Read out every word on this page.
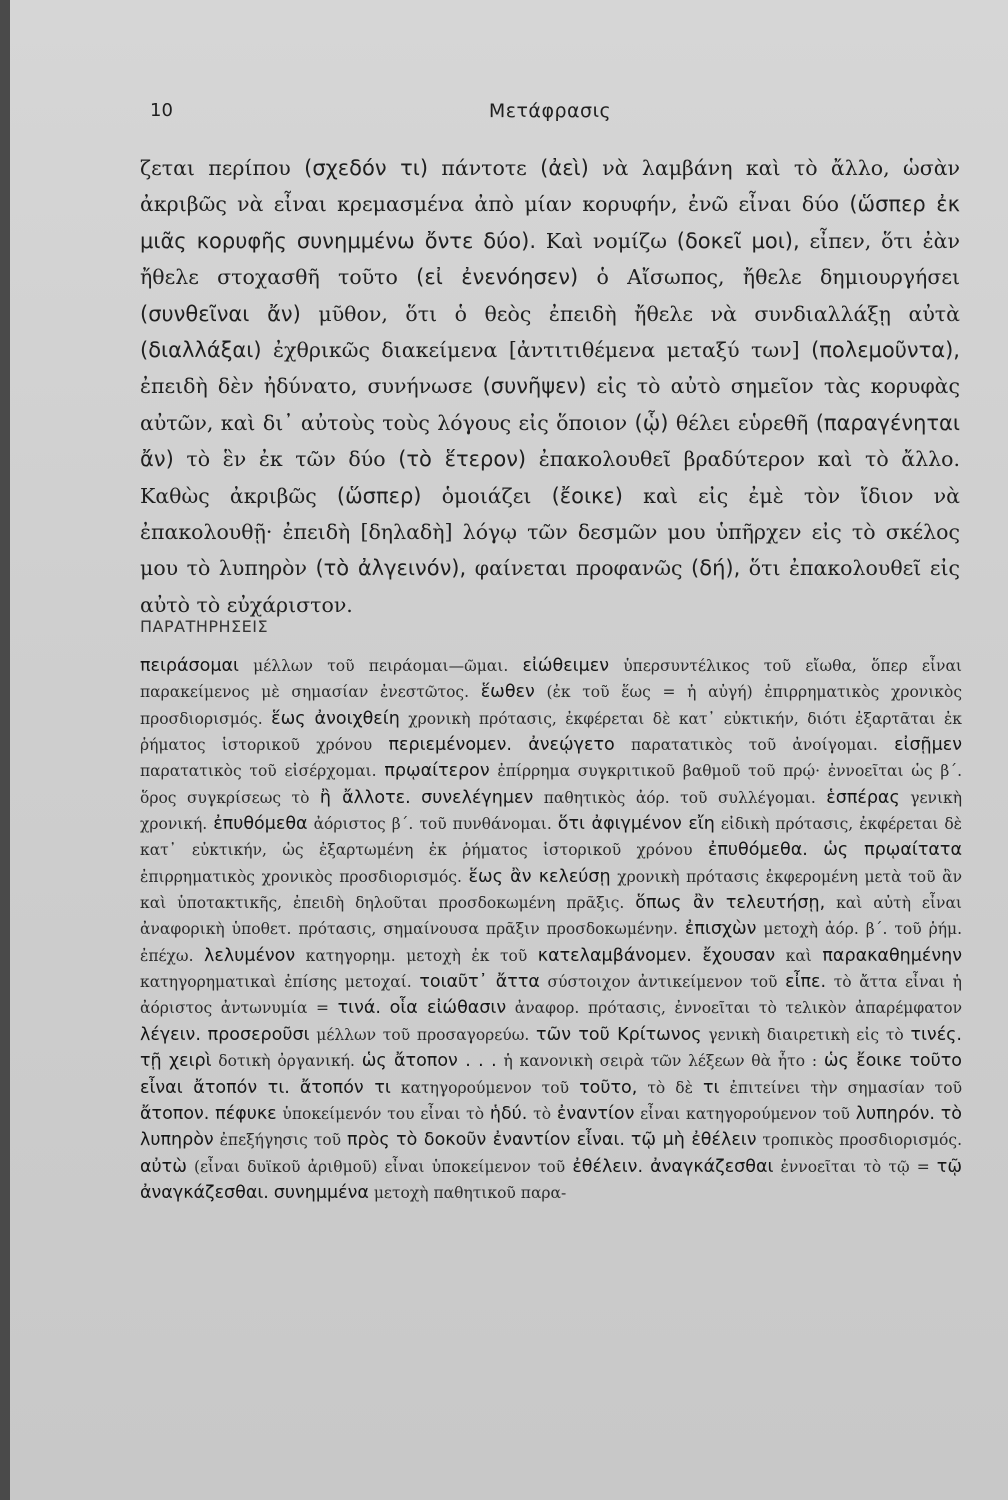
10	Μετάφρασις

ζεται περίπου (σχεδόν τι) πάντοτε (ἀεὶ) νὰ λαμβάνη καὶ τὸ ἄλλο, ὡσὰν ἀκριβῶς νὰ εἶναι κρεμασμένα ἀπὸ μίαν κορυφήν, ἐνῶ εἶναι δύο (ὥσπερ ἐκ μιᾶς κορυφῆς συνημμένω ὄντε δύο). Καὶ νομίζω (δοκεῖ μοι), εἶπεν, ὅτι ἐὰν ἤθελε στοχασθῆ τοῦτο (εἰ ἐνενόησεν) ὁ Αἴσωπος, ἤθελε δημιουργήσει (συνθεῖναι ἄν) μῦθον, ὅτι ὁ θεὸς ἐπειδὴ ἤθελε νὰ συνδιαλλάξῃ αὐτὰ (διαλλάξαι) ἐχθρικῶς διακείμενα [ἀντιτιθέμενα μεταξύ των] (πολεμοῦντα), ἐπειδὴ δὲν ἠδύνατο, συνήνωσε (συνῆψεν) εἰς τὸ αὐτὸ σημεῖον τὰς κορυφὰς αὐτῶν, καὶ δι᾿ αὐτοὺς τοὺς λόγους εἰς ὅποιον (ᾧ) θέλει εὑρεθῆ (παραγένηται ἄν) τὸ ἓν ἐκ τῶν δύο (τὸ ἕτερον) ἐπακολουθεῖ βραδύτερον καὶ τὸ ἄλλο. Καθὼς ἀκριβῶς (ὥσπερ) ὁμοιάζει (ἔοικε) καὶ εἰς ἐμὲ τὸν ἴδιον νὰ ἐπακολουθῇ· ἐπειδὴ [δηλαδὴ] λόγῳ τῶν δεσμῶν μου ὑπῆρχεν εἰς τὸ σκέλος μου τὸ λυπηρὸν (τὸ ἀλγεινόν), φαίνεται προφανῶς (δή), ὅτι ἐπακολουθεῖ εἰς αὐτὸ τὸ εὐχάριστον.

ΠΑΡΑΤΗΡΗΣΕΙΣ

πειράσομαι μέλλων τοῦ πειράομαι—ῶμαι. εἰώθειμεν ὑπερσυντέλικος τοῦ εἴωθα, ὅπερ εἶναι παρακείμενος μὲ σημασίαν ἐνεστῶτος. ἕωθεν (ἐκ τοῦ ἕως = ἡ αὐγή) ἐπιρρηματικὸς χρονικὸς προσδιορισμός. ἕως ἀνοιχθείη χρονικὴ πρότασις, ἐκφέρεται δὲ κατ᾿ εὐκτικήν, διότι ἐξαρτᾶται ἐκ ῥήματος ἱστορικοῦ χρόνου περιεμένομεν. ἀνεῴγετο παρατατικὸς τοῦ ἀνοίγομαι. εἰσῇμεν παρατατικὸς τοῦ εἰσέρχομαι. πρῳαίτερον ἐπίρρημα συγκριτικοῦ βαθμοῦ τοῦ πρῴ· ἐννοεῖται ὡς β΄. ὅρος συγκρίσεως τὸ ἢ ἄλλοτε. συνελέγημεν παθητικὸς ἀόρ. τοῦ συλλέγομαι. ἑσπέρας γενικὴ χρονική. ἐπυθόμεθα ἀόριστος β΄. τοῦ πυνθάνομαι. ὅτι ἀφιγμένον εἴη εἰδικὴ πρότασις, ἐκφέρεται δὲ κατ᾿ εὐκτικήν, ὡς ἐξαρτωμένη ἐκ ῥήματος ἱστορικοῦ χρόνου ἐπυθόμεθα. ὡς πρῳαίτατα ἐπιρρηματικὸς χρονικὸς προσδιορισμός. ἕως ἂν κελεύσῃ χρονικὴ πρότασις ἐκφερομένη μετὰ τοῦ ἂν καὶ ὑποτακτικῆς, ἐπειδὴ δηλοῦται προσδοκωμένη πρᾶξις. ὅπως ἂν τελευτήσῃ, καὶ αὐτὴ εἶναι ἀναφορικὴ ὑποθετ. πρότασις, σημαίνουσα πρᾶξιν προσδοκωμένην. ἐπισχὼν μετοχὴ ἀόρ. β΄. τοῦ ῥήμ. ἐπέχω. λελυμένον κατηγορημ. μετοχὴ ἐκ τοῦ κατελαμβάνομεν. ἔχουσαν καὶ παρακαθημένην κατηγορηματικαὶ ἐπίσης μετοχαί. τοιαῦτ᾿ ἄττα σύστοιχον ἀντικείμενον τοῦ εἶπε. τὸ ἄττα εἶναι ἡ ἀόριστος ἀντωνυμία = τινά. οἷα εἰώθασιν ἀναφορ. πρότασις, ἐννοεῖται τὸ τελικὸν ἀπαρέμφατον λέγειν. προσεροῦσι μέλλων τοῦ προσαγορεύω. τῶν τοῦ Κρίτωνος γενικὴ διαιρετικὴ εἰς τὸ τινές. τῇ χειρὶ δοτικὴ ὀργανική. ὡς ἄτοπον . . . ἡ κανονικὴ σειρὰ τῶν λέξεων θὰ ἦτο : ὡς ἔοικε τοῦτο εἶναι ἄτοπόν τι. ἄτοπόν τι κατηγορούμενον τοῦ τοῦτο, τὸ δὲ τι ἐπιτείνει τὴν σημασίαν τοῦ ἄτοπον. πέφυκε ὑποκείμενόν του εἶναι τὸ ἡδύ. τὸ ἐναντίον εἶναι κατηγορούμενον τοῦ λυπηρόν. τὸ λυπηρὸν ἐπεξήγησις τοῦ πρὸς τὸ δοκοῦν ἐναντίον εἶναι. τῷ μὴ ἐθέλειν τροπικὸς προσδιορισμός. αὐτὼ (εἶναι δυϊκοῦ ἀριθμοῦ) εἶναι ὑποκείμενον τοῦ ἐθέλειν. ἀναγκάζεσθαι ἐννοεῖται τὸ τῷ = τῷ ἀναγκάζεσθαι. συνημμένα μετοχὴ παθητικοῦ παρα-
